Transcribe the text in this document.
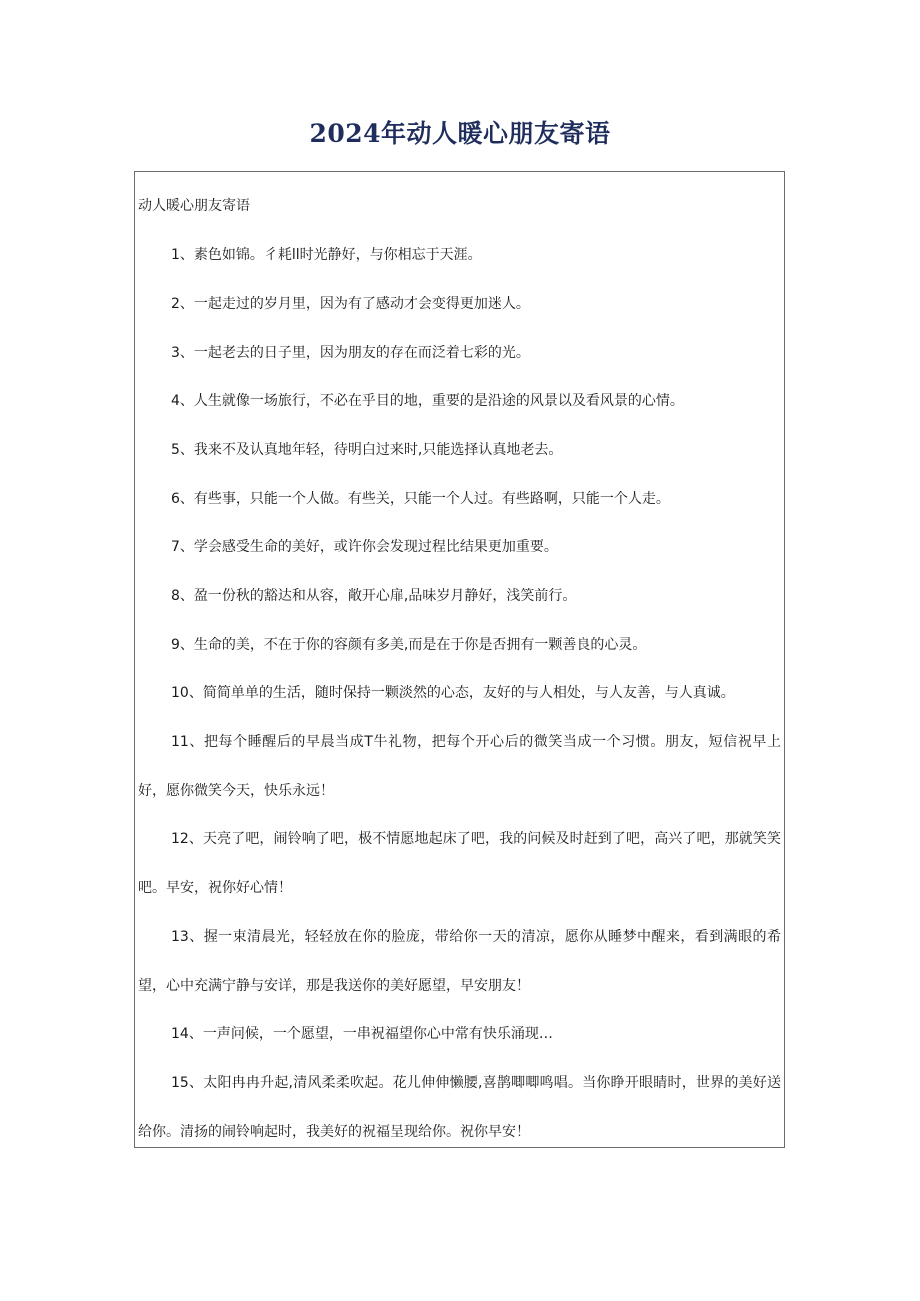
2024年动人暖心朋友寄语
动人暖心朋友寄语
1、素色如锦。彳耗ll时光静好，与你相忘于天涯。
2、一起走过的岁月里，因为有了感动才会变得更加迷人。
3、一起老去的日子里，因为朋友的存在而泛着七彩的光。
4、人生就像一场旅行，不必在乎目的地，重要的是沿途的风景以及看风景的心情。
5、我来不及认真地年轻，待明白过来时,只能选择认真地老去。
6、有些事，只能一个人做。有些关，只能一个人过。有些路啊，只能一个人走。
7、学会感受生命的美好，或许你会发现过程比结果更加重要。
8、盈一份秋的豁达和从容，敞开心扉,品味岁月静好，浅笑前行。
9、生命的美，不在于你的容颜有多美,而是在于你是否拥有一颗善良的心灵。
10、简简单单的生活，随时保持一颗淡然的心态，友好的与人相处，与人友善，与人真诚。
11、把每个睡醒后的早晨当成T牛礼物，把每个开心后的微笑当成一个习惯。朋友，短信祝早上好，愿你微笑今天，快乐永远！
12、天亮了吧，闹铃响了吧，极不情愿地起床了吧，我的问候及时赶到了吧，高兴了吧，那就笑笑吧。早安，祝你好心情！
13、握一束清晨光，轻轻放在你的脸庞，带给你一天的清凉，愿你从睡梦中醒来，看到满眼的希望，心中充满宁静与安详，那是我送你的美好愿望，早安朋友！
14、一声问候，一个愿望，一串祝福望你心中常有快乐涌现…
15、太阳冉冉升起,清风柔柔吹起。花儿伸伸懒腰,喜鹊唧唧鸣唱。当你睁开眼睛时，世界的美好送给你。清扬的闹铃响起时，我美好的祝福呈现给你。祝你早安！
